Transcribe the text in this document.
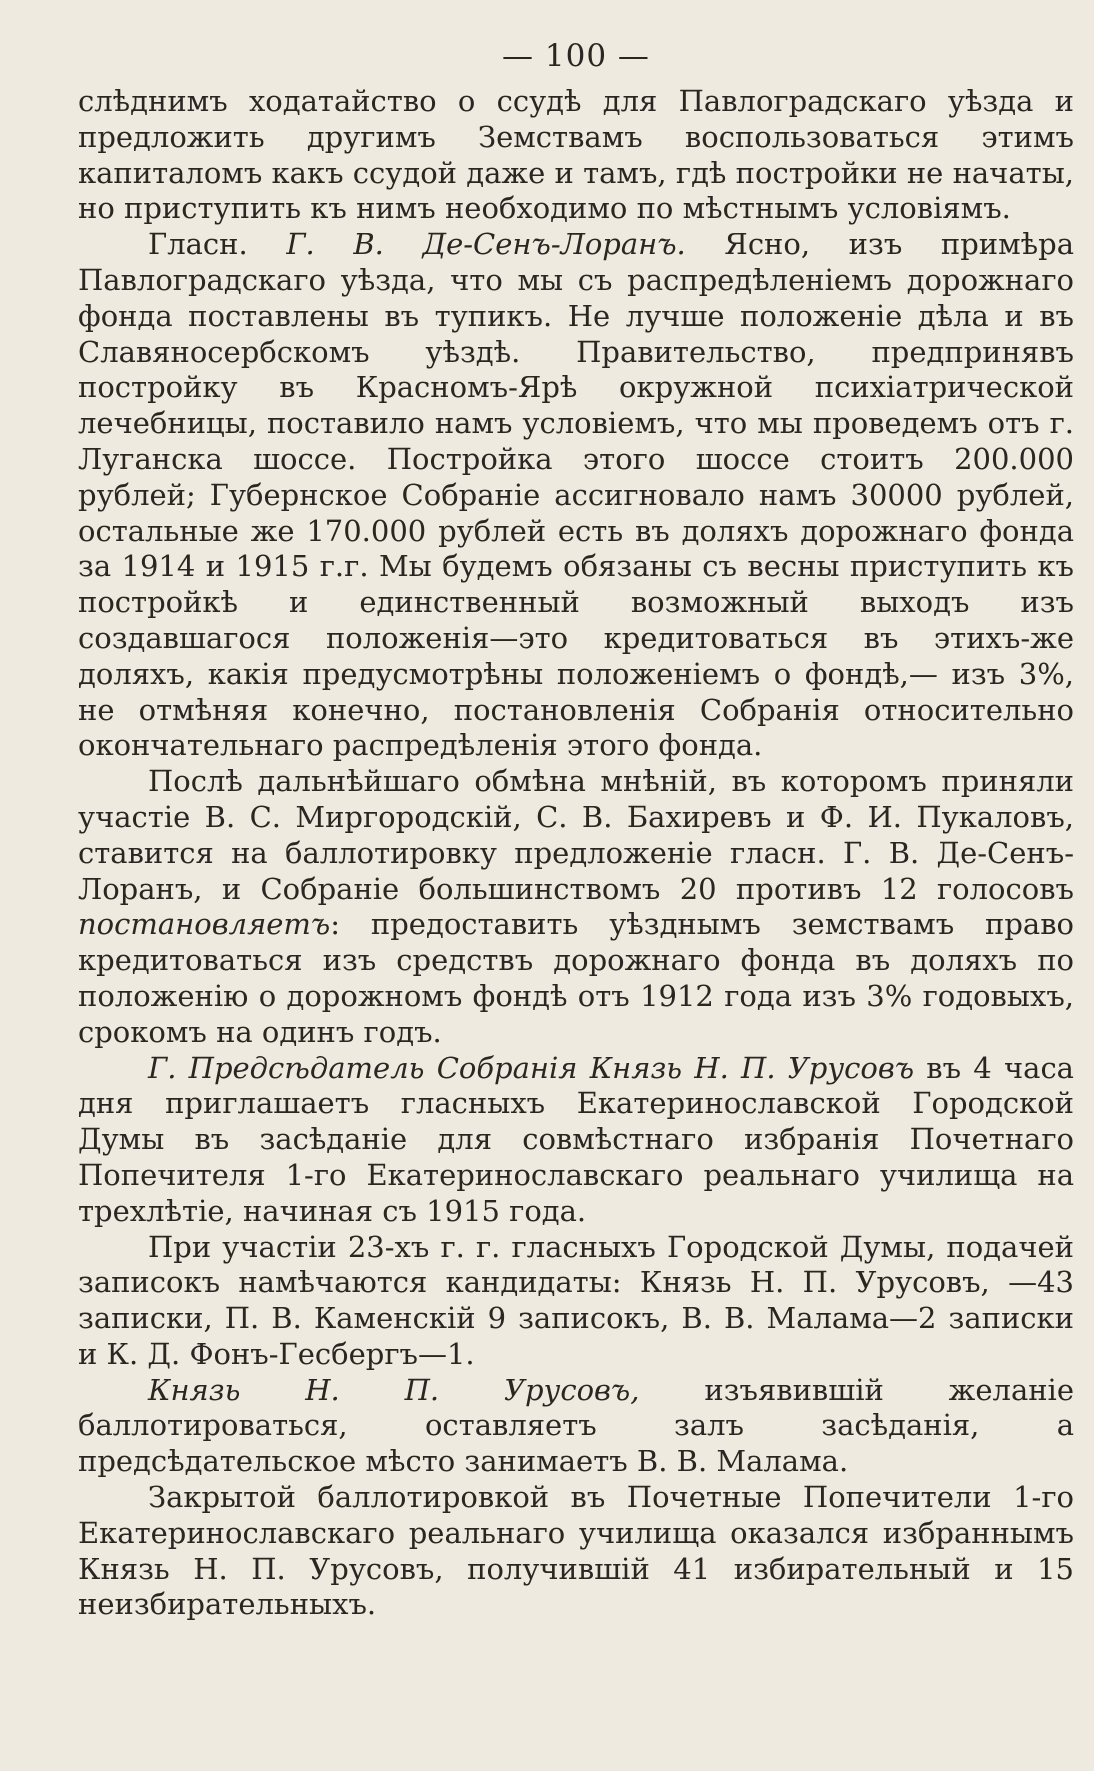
— 100 —

слѣднимъ ходатайство о ссудѣ для Павлоградскаго уѣзда и предложить другимъ Земствамъ воспользоваться этимъ капиталомъ какъ ссудой даже и тамъ, гдѣ постройки не начаты, но приступить къ нимъ необходимо по мѣстнымъ условіямъ.

Гласн. Г. В. Де-Сенъ-Лоранъ. Ясно, изъ примѣра Павлоградскаго уѣзда, что мы съ распредѣленіемъ дорожнаго фонда поставлены въ тупикъ. Не лучше положеніе дѣла и въ Славяносербскомъ уѣздѣ. Правительство, предпринявъ постройку въ Красномъ-Ярѣ окружной психіатрической лечебницы, поставило намъ условіемъ, что мы проведемъ отъ г. Луганска шоссе. Постройка этого шоссе стоитъ 200.000 рублей; Губернское Собраніе ассигновало намъ 30000 рублей, остальные же 170.000 рублей есть въ доляхъ дорожнаго фонда за 1914 и 1915 г.г. Мы будемъ обязаны съ весны приступить къ постройкѣ и единственный возможный выходъ изъ создавшагося положенія—это кредитоваться въ этихъ-же доляхъ, какія предусмотрѣны положеніемъ о фондѣ,— изъ 3%, не отмѣняя конечно, постановленія Собранія относительно окончательнаго распредѣленія этого фонда.

Послѣ дальнѣйшаго обмѣна мнѣній, въ которомъ приняли участіе В. С. Миргородскій, С. В. Бахиревъ и Ф. И. Пукаловъ, ставится на баллотировку предложеніе гласн. Г. В. Де-Сенъ-Лоранъ, и Собраніе большинствомъ 20 противъ 12 голосовъ постановляетъ: предоставить уѣзднымъ земствамъ право кредитоваться изъ средствъ дорожнаго фонда въ доляхъ по положенію о дорожномъ фондѣ отъ 1912 года изъ 3% годовыхъ, срокомъ на одинъ годъ.

Г. Предсѣдатель Собранія Князь Н. П. Урусовъ въ 4 часа дня приглашаетъ гласныхъ Екатеринославской Городской Думы въ засѣданіе для совмѣстнаго избранія Почетнаго Попечителя 1-го Екатеринославскаго реальнаго училища на трехлѣтіе, начиная съ 1915 года.

При участіи 23-хъ г. г. гласныхъ Городской Думы, подачей записокъ намѣчаются кандидаты: Князь Н. П. Урусовъ, —43 записки, П. В. Каменскій 9 записокъ, В. В. Малама—2 записки и К. Д. Фонъ-Гесбергъ—1.

Князь Н. П. Урусовъ, изъявившій желаніе баллотироваться, оставляетъ залъ засѣданія, а предсѣдательское мѣсто занимаетъ В. В. Малама.

Закрытой баллотировкой въ Почетные Попечители 1-го Екатеринославскаго реальнаго училища оказался избраннымъ Князь Н. П. Урусовъ, получившій 41 избирательный и 15 неизбирательныхъ.
